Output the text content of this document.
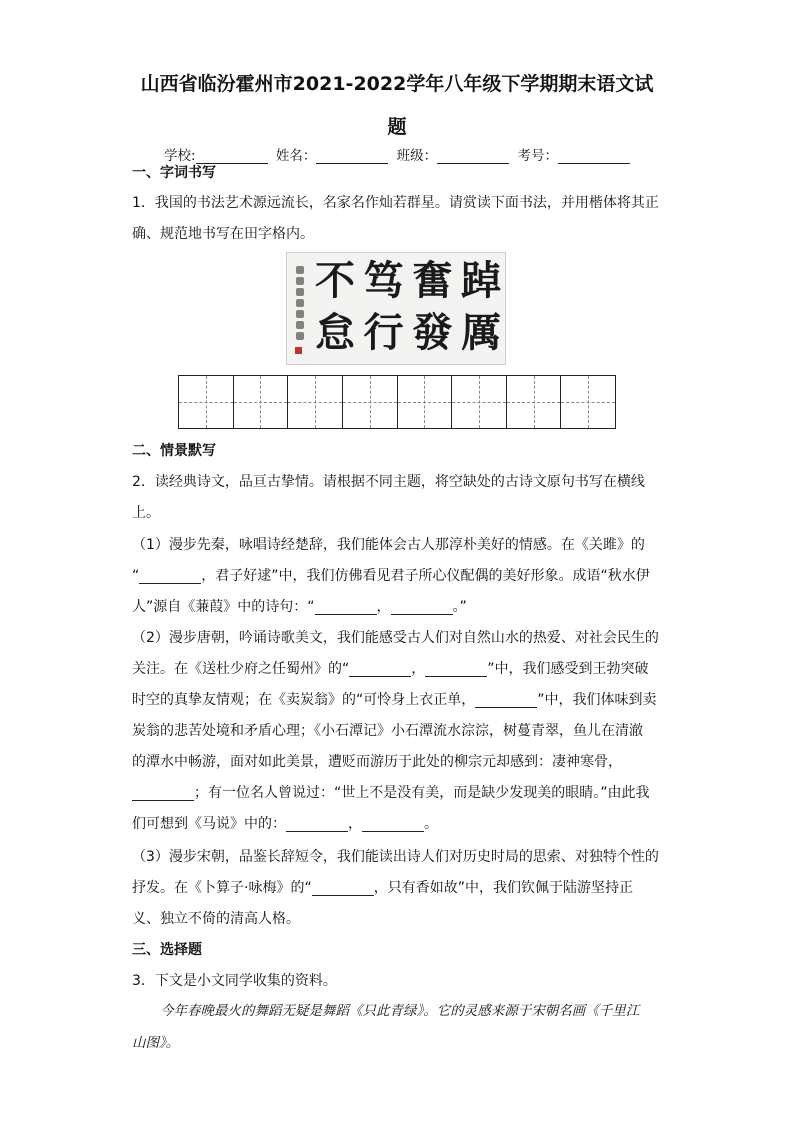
山西省临汾霍州市2021-2022学年八年级下学期期末语文试
题
学校:	姓名：	班级：	考号：
一、字词书写
1．我国的书法艺术源远流长，名家名作灿若群星。请赏读下面书法，并用楷体将其正
确、规范地书写在田字格内。
不 笃 奮 踔
怠 行 發 厲
二、情景默写
2．读经典诗文，品亘古挚情。请根据不同主题，将空缺处的古诗文原句书写在横线
上。
（1）漫步先秦，咏唱诗经楚辞，我们能体会古人那淳朴美好的情感。在《关雎》的
“	，君子好逑”中，我们仿佛看见君子所心仪配偶的美好形象。成语“秋水伊
人”源自《蒹葭》中的诗句：“	，	。”
（2）漫步唐朝，吟诵诗歌美文，我们能感受古人们对自然山水的热爱、对社会民生的
关注。在《送杜少府之任蜀州》的“	，	”中，我们感受到王勃突破
时空的真挚友情观；在《卖炭翁》的“可怜身上衣正单，	”中，我们体味到卖
炭翁的悲苦处境和矛盾心理；《小石潭记》小石潭流水淙淙，树蔓青翠，鱼儿在清澈
的潭水中畅游，面对如此美景，遭贬而游历于此处的柳宗元却感到：凄神寒骨，
；有一位名人曾说过：“世上不是没有美，而是缺少发现美的眼睛。”由此我
们可想到《马说》中的：	，	。
（3）漫步宋朝，品鉴长辞短令，我们能读出诗人们对历史时局的思索、对独特个性的
抒发。在《卜算子·咏梅》的“	，只有香如故”中，我们钦佩于陆游坚持正
义、独立不倚的清高人格。
三、选择题
3．下文是小文同学收集的资料。
今年春晚最火的舞蹈无疑是舞蹈《只此青绿》。它的灵感来源于宋朝名画《千里江
山图》。
